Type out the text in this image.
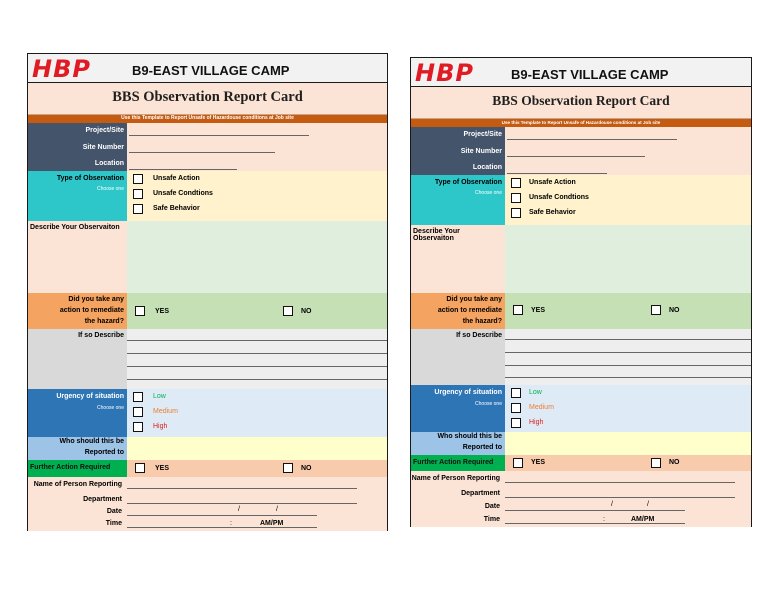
HBP	B9-EAST VILLAGE CAMP
BBS Observation Report Card
Use this Template to Report Unsafe of Hazardouse conditions at Job site
Project/Site
Site Number
Location
Type of Observation
Choose one
Unsafe Action
Unsafe Condtions
Safe Behavior
Describe Your Observaiton
Did you take any
action to remediate
the hazard?
YES	NO
If so Describe
Urgency of situation
Choose one
Low
Medium
High
Who should this be
Reported to
Further Action Required	YES	NO
Name of Person Reporting
Department
Date	/	/
Time	:	AM/PM
HBP	B9-EAST VILLAGE CAMP
BBS Observation Report Card
Use this Template to Report Unsafe of Hazardouse conditions at Job site
Project/Site
Site Number
Location
Type of Observation
Choose one
Unsafe Action
Unsafe Condtions
Safe Behavior
Describe Your Observaiton
Did you take any
action to remediate
the hazard?
YES	NO
If so Describe
Urgency of situation
Choose one
Low
Medium
High
Who should this be
Reported to
Further Action Required	YES	NO
Name of Person Reporting
Department
Date	/	/
Time	:	AM/PM
